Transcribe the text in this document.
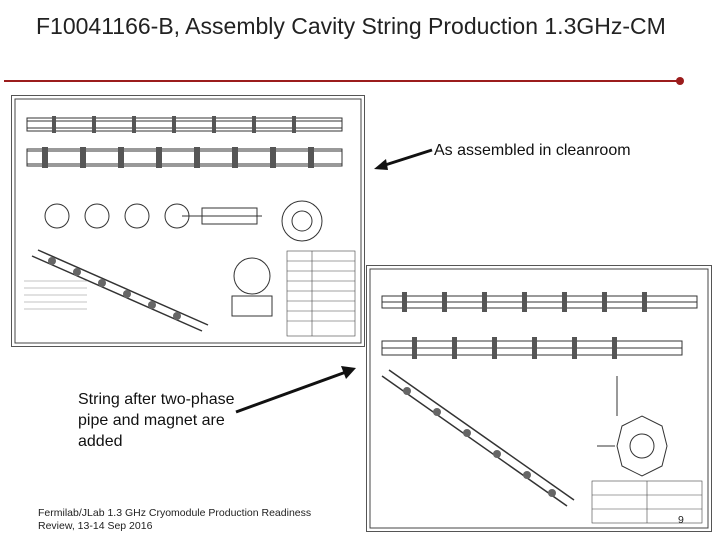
F10041166-B, Assembly Cavity String Production 1.3GHz-CM
As assembled in cleanroom
String after two-phase pipe and magnet are added
Fermilab/JLab 1.3 GHz Cryomodule Production Readiness Review, 13-14 Sep 2016	9
